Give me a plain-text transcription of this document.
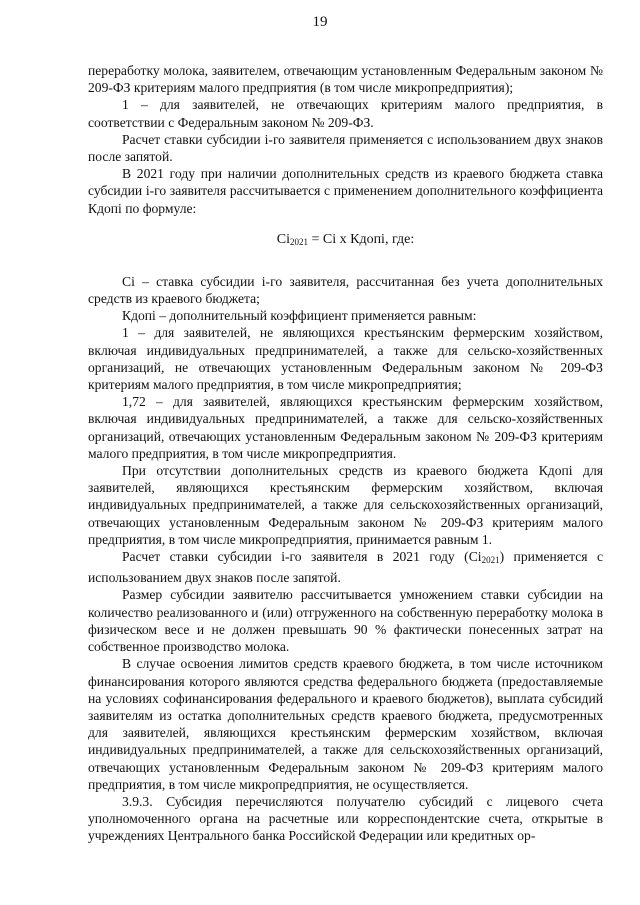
19

переработку молока, заявителем, отвечающим установленным Федеральным законом № 209-ФЗ критериям малого предприятия (в том числе микропредприятия);

1 – для заявителей, не отвечающих критериям малого предприятия, в соответствии с Федеральным законом № 209-ФЗ.

Расчет ставки субсидии i-го заявителя применяется с использованием двух знаков после запятой.

В 2021 году при наличии дополнительных средств из краевого бюджета ставка субсидии i-го заявителя рассчитывается с применением дополнительного коэффициента Кдопi по формуле:

$Ci_{2021} = Ci$ х Кдопi, где:

Ci – ставка субсидии i-го заявителя, рассчитанная без учета дополнительных средств из краевого бюджета;

Кдопi – дополнительный коэффициент применяется равным:

1 – для заявителей, не являющихся крестьянским фермерским хозяйством, включая индивидуальных предпринимателей, а также для сельско-хозяйственных организаций, не отвечающих установленным Федеральным законом № 209-ФЗ критериям малого предприятия, в том числе микропредприятия;

1,72 – для заявителей, являющихся крестьянским фермерским хозяйством, включая индивидуальных предпринимателей, а также для сельско-хозяйственных организаций, отвечающих установленным Федеральным законом № 209-ФЗ критериям малого предприятия, в том числе микропредприятия.

При отсутствии дополнительных средств из краевого бюджета Кдопi для заявителей, являющихся крестьянским фермерским хозяйством, включая индивидуальных предпринимателей, а также для сельскохозяйственных организаций, отвечающих установленным Федеральным законом № 209-ФЗ критериям малого предприятия, в том числе микропредприятия, принимается равным 1.

Расчет ставки субсидии i-го заявителя в 2021 году $(Ci_{2021})$ применяется с использованием двух знаков после запятой.

Размер субсидии заявителю рассчитывается умножением ставки субсидии на количество реализованного и (или) отгруженного на собственную переработку молока в физическом весе и не должен превышать 90 % фактически понесенных затрат на собственное производство молока.

В случае освоения лимитов средств краевого бюджета, в том числе источником финансирования которого являются средства федерального бюджета (предоставляемые на условиях софинансирования федерального и краевого бюджетов), выплата субсидий заявителям из остатка дополнительных средств краевого бюджета, предусмотренных для заявителей, являющихся крестьянским фермерским хозяйством, включая индивидуальных предпринимателей, а также для сельскохозяйственных организаций, отвечающих установленным Федеральным законом № 209-ФЗ критериям малого предприятия, в том числе микропредприятия, не осуществляется.

3.9.3. Субсидия перечисляются получателю субсидий с лицевого счета уполномоченного органа на расчетные или корреспондентские счета, открытые в учреждениях Центрального банка Российской Федерации или кредитных ор-
